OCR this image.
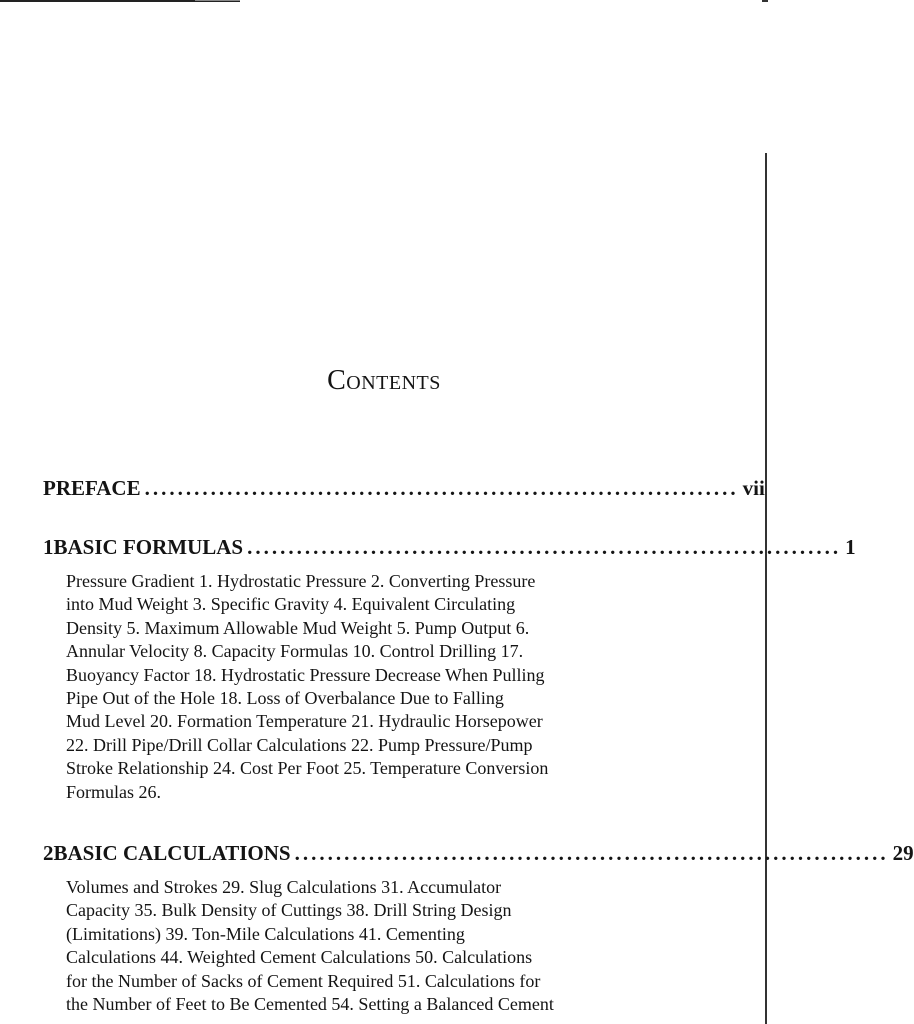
Contents
PREFACE ........................................................................ vii
1 BASIC FORMULAS ........................................................................ 1
Pressure Gradient 1. Hydrostatic Pressure 2. Converting Pressure
into Mud Weight 3. Specific Gravity 4. Equivalent Circulating
Density 5. Maximum Allowable Mud Weight 5. Pump Output 6.
Annular Velocity 8. Capacity Formulas 10. Control Drilling 17.
Buoyancy Factor 18. Hydrostatic Pressure Decrease When Pulling
Pipe Out of the Hole 18. Loss of Overbalance Due to Falling
Mud Level 20. Formation Temperature 21. Hydraulic Horsepower
22. Drill Pipe/Drill Collar Calculations 22. Pump Pressure/Pump
Stroke Relationship 24. Cost Per Foot 25. Temperature Conversion
Formulas 26.
2 BASIC CALCULATIONS ........................................................................ 29
Volumes and Strokes 29. Slug Calculations 31. Accumulator
Capacity 35. Bulk Density of Cuttings 38. Drill String Design
(Limitations) 39. Ton-Mile Calculations 41. Cementing
Calculations 44. Weighted Cement Calculations 50. Calculations
for the Number of Sacks of Cement Required 51. Calculations for
the Number of Feet to Be Cemented 54. Setting a Balanced Cement
